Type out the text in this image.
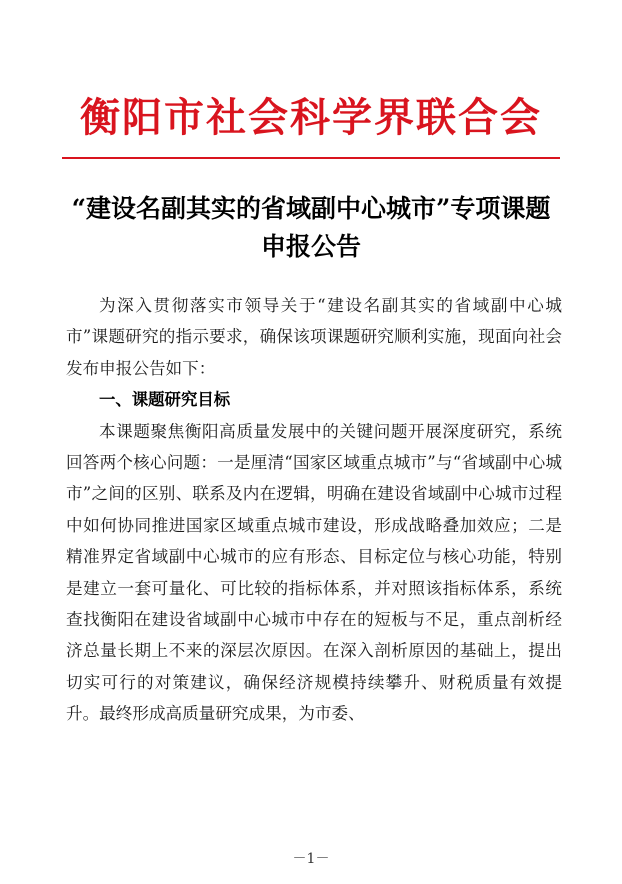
衡阳市社会科学界联合会
“建设名副其实的省域副中心城市”专项课题
申报公告

为深入贯彻落实市领导关于“建设名副其实的省域副中心城市”课题研究的指示要求，确保该项课题研究顺利实施，现面向社会发布申报公告如下：

一、课题研究目标

本课题聚焦衡阳高质量发展中的关键问题开展深度研究，系统回答两个核心问题：一是厘清“国家区域重点城市”与“省域副中心城市”之间的区别、联系及内在逻辑，明确在建设省域副中心城市过程中如何协同推进国家区域重点城市建设，形成战略叠加效应；二是精准界定省域副中心城市的应有形态、目标定位与核心功能，特别是建立一套可量化、可比较的指标体系，并对照该指标体系，系统查找衡阳在建设省域副中心城市中存在的短板与不足，重点剖析经济总量长期上不来的深层次原因。在深入剖析原因的基础上，提出切实可行的对策建议，确保经济规模持续攀升、财税质量有效提升。最终形成高质量研究成果，为市委、

－1－
